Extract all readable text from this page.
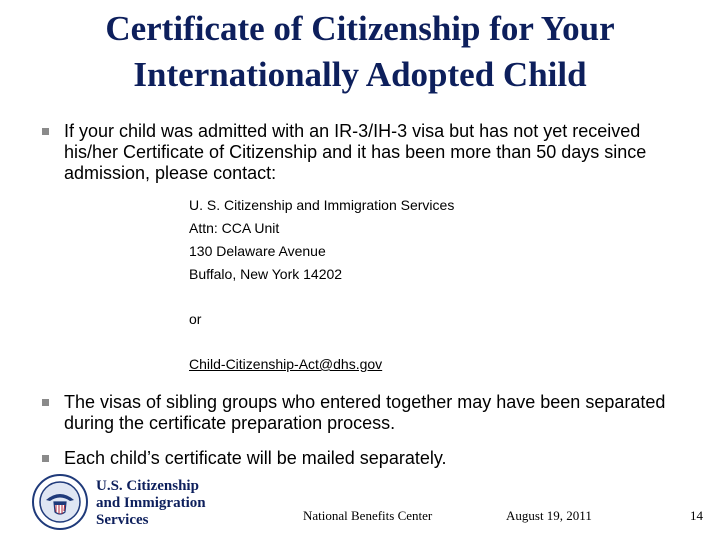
Certificate of Citizenship for Your
Internationally Adopted Child
If your child was admitted with an IR-3/IH-3 visa but has not yet received his/her Certificate of Citizenship and it has been more than 50 days since admission, please contact:
U. S. Citizenship and Immigration Services
Attn: CCA Unit
130 Delaware Avenue
Buffalo, New York 14202
or
Child-Citizenship-Act@dhs.gov
The visas of sibling groups who entered together may have been separated during the certificate preparation process.
Each child’s certificate will be mailed separately.
U.S. Citizenship
and Immigration
Services	National Benefits Center	August 19, 2011	14
